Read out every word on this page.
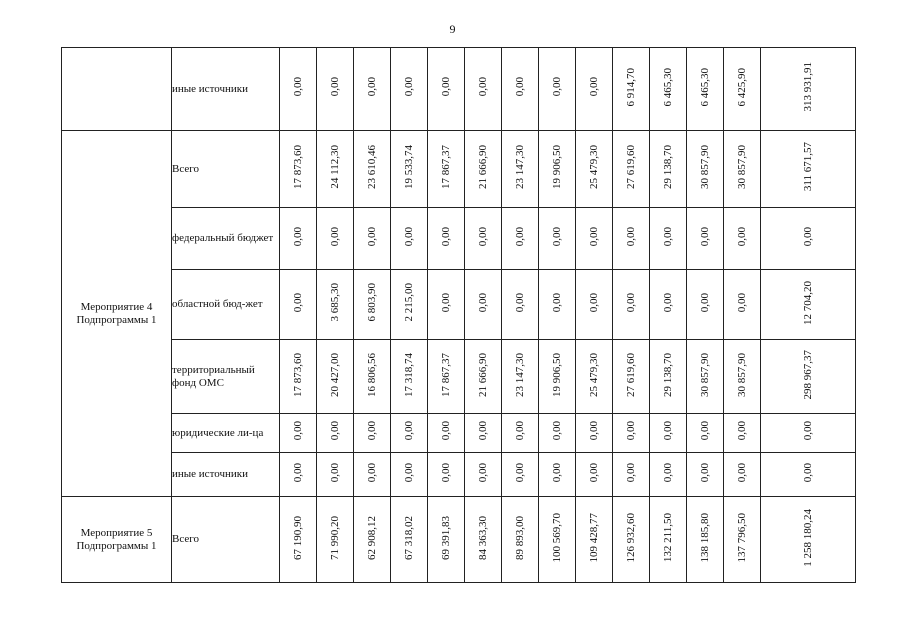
9
	иные источники	0,00	0,00	0,00	0,00	0,00	0,00	0,00	0,00	0,00	6 914,70	6 465,30	6 465,30	6 425,90	313 931,91
Мероприятие 4 Подпрограммы 1	Всего	17 873,60	24 112,30	23 610,46	19 533,74	17 867,37	21 666,90	23 147,30	19 906,50	25 479,30	27 619,60	29 138,70	30 857,90	30 857,90	311 671,57
	федеральный бюджет	0,00	0,00	0,00	0,00	0,00	0,00	0,00	0,00	0,00	0,00	0,00	0,00	0,00	0,00
	областной бюд-жет	0,00	3 685,30	6 803,90	2 215,00	0,00	0,00	0,00	0,00	0,00	0,00	0,00	0,00	0,00	12 704,20
	территориальный фонд ОМС	17 873,60	20 427,00	16 806,56	17 318,74	17 867,37	21 666,90	23 147,30	19 906,50	25 479,30	27 619,60	29 138,70	30 857,90	30 857,90	298 967,37
	юридические ли-ца	0,00	0,00	0,00	0,00	0,00	0,00	0,00	0,00	0,00	0,00	0,00	0,00	0,00	0,00
	иные источники	0,00	0,00	0,00	0,00	0,00	0,00	0,00	0,00	0,00	0,00	0,00	0,00	0,00	0,00
Мероприятие 5 Подпрограммы 1	Всего	67 190,90	71 990,20	62 908,12	67 318,02	69 391,83	84 363,30	89 893,00	100 569,70	109 428,77	126 932,60	132 211,50	138 185,80	137 796,50	1 258 180,24
